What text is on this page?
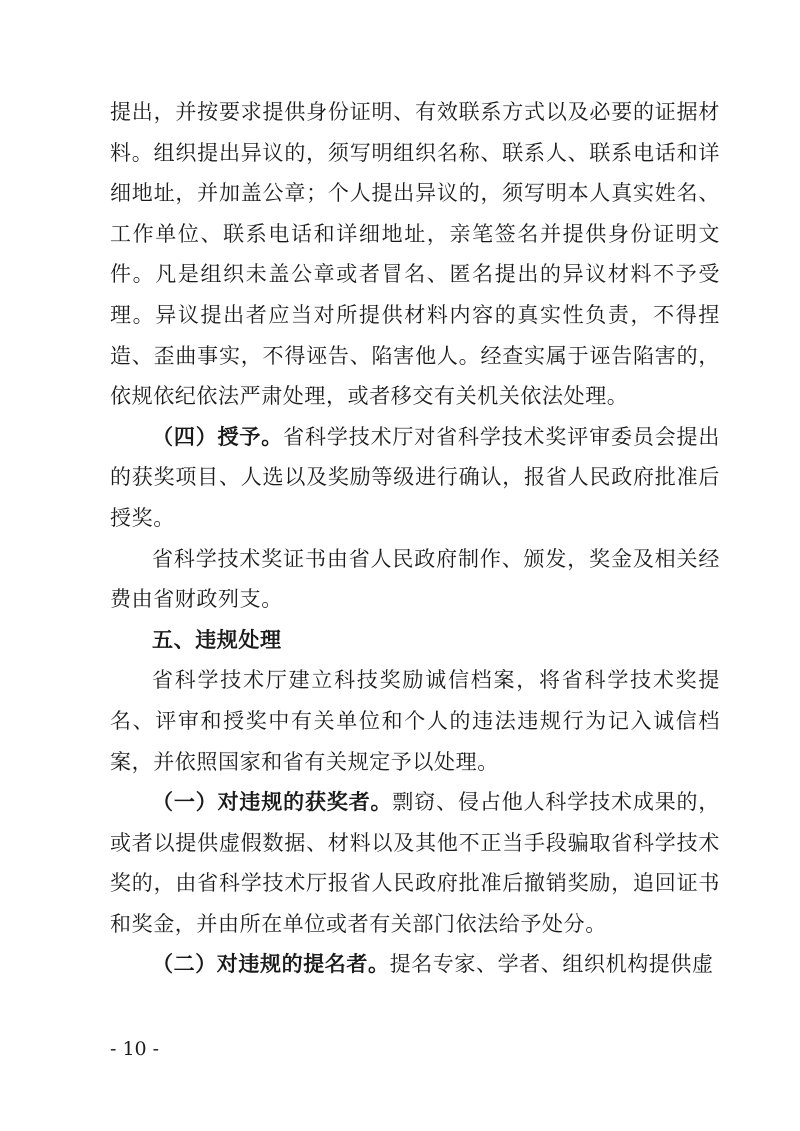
提出，并按要求提供身份证明、有效联系方式以及必要的证据材料。组织提出异议的，须写明组织名称、联系人、联系电话和详细地址，并加盖公章；个人提出异议的，须写明本人真实姓名、工作单位、联系电话和详细地址，亲笔签名并提供身份证明文件。凡是组织未盖公章或者冒名、匿名提出的异议材料不予受理。异议提出者应当对所提供材料内容的真实性负责，不得捏造、歪曲事实，不得诬告、陷害他人。经查实属于诬告陷害的，依规依纪依法严肃处理，或者移交有关机关依法处理。

（四）授予。省科学技术厅对省科学技术奖评审委员会提出的获奖项目、人选以及奖励等级进行确认，报省人民政府批准后授奖。

省科学技术奖证书由省人民政府制作、颁发，奖金及相关经费由省财政列支。

五、违规处理

省科学技术厅建立科技奖励诚信档案，将省科学技术奖提名、评审和授奖中有关单位和个人的违法违规行为记入诚信档案，并依照国家和省有关规定予以处理。

（一）对违规的获奖者。剽窃、侵占他人科学技术成果的，或者以提供虚假数据、材料以及其他不正当手段骗取省科学技术奖的，由省科学技术厅报省人民政府批准后撤销奖励，追回证书和奖金，并由所在单位或者有关部门依法给予处分。

（二）对违规的提名者。提名专家、学者、组织机构提供虚

- 10 -
